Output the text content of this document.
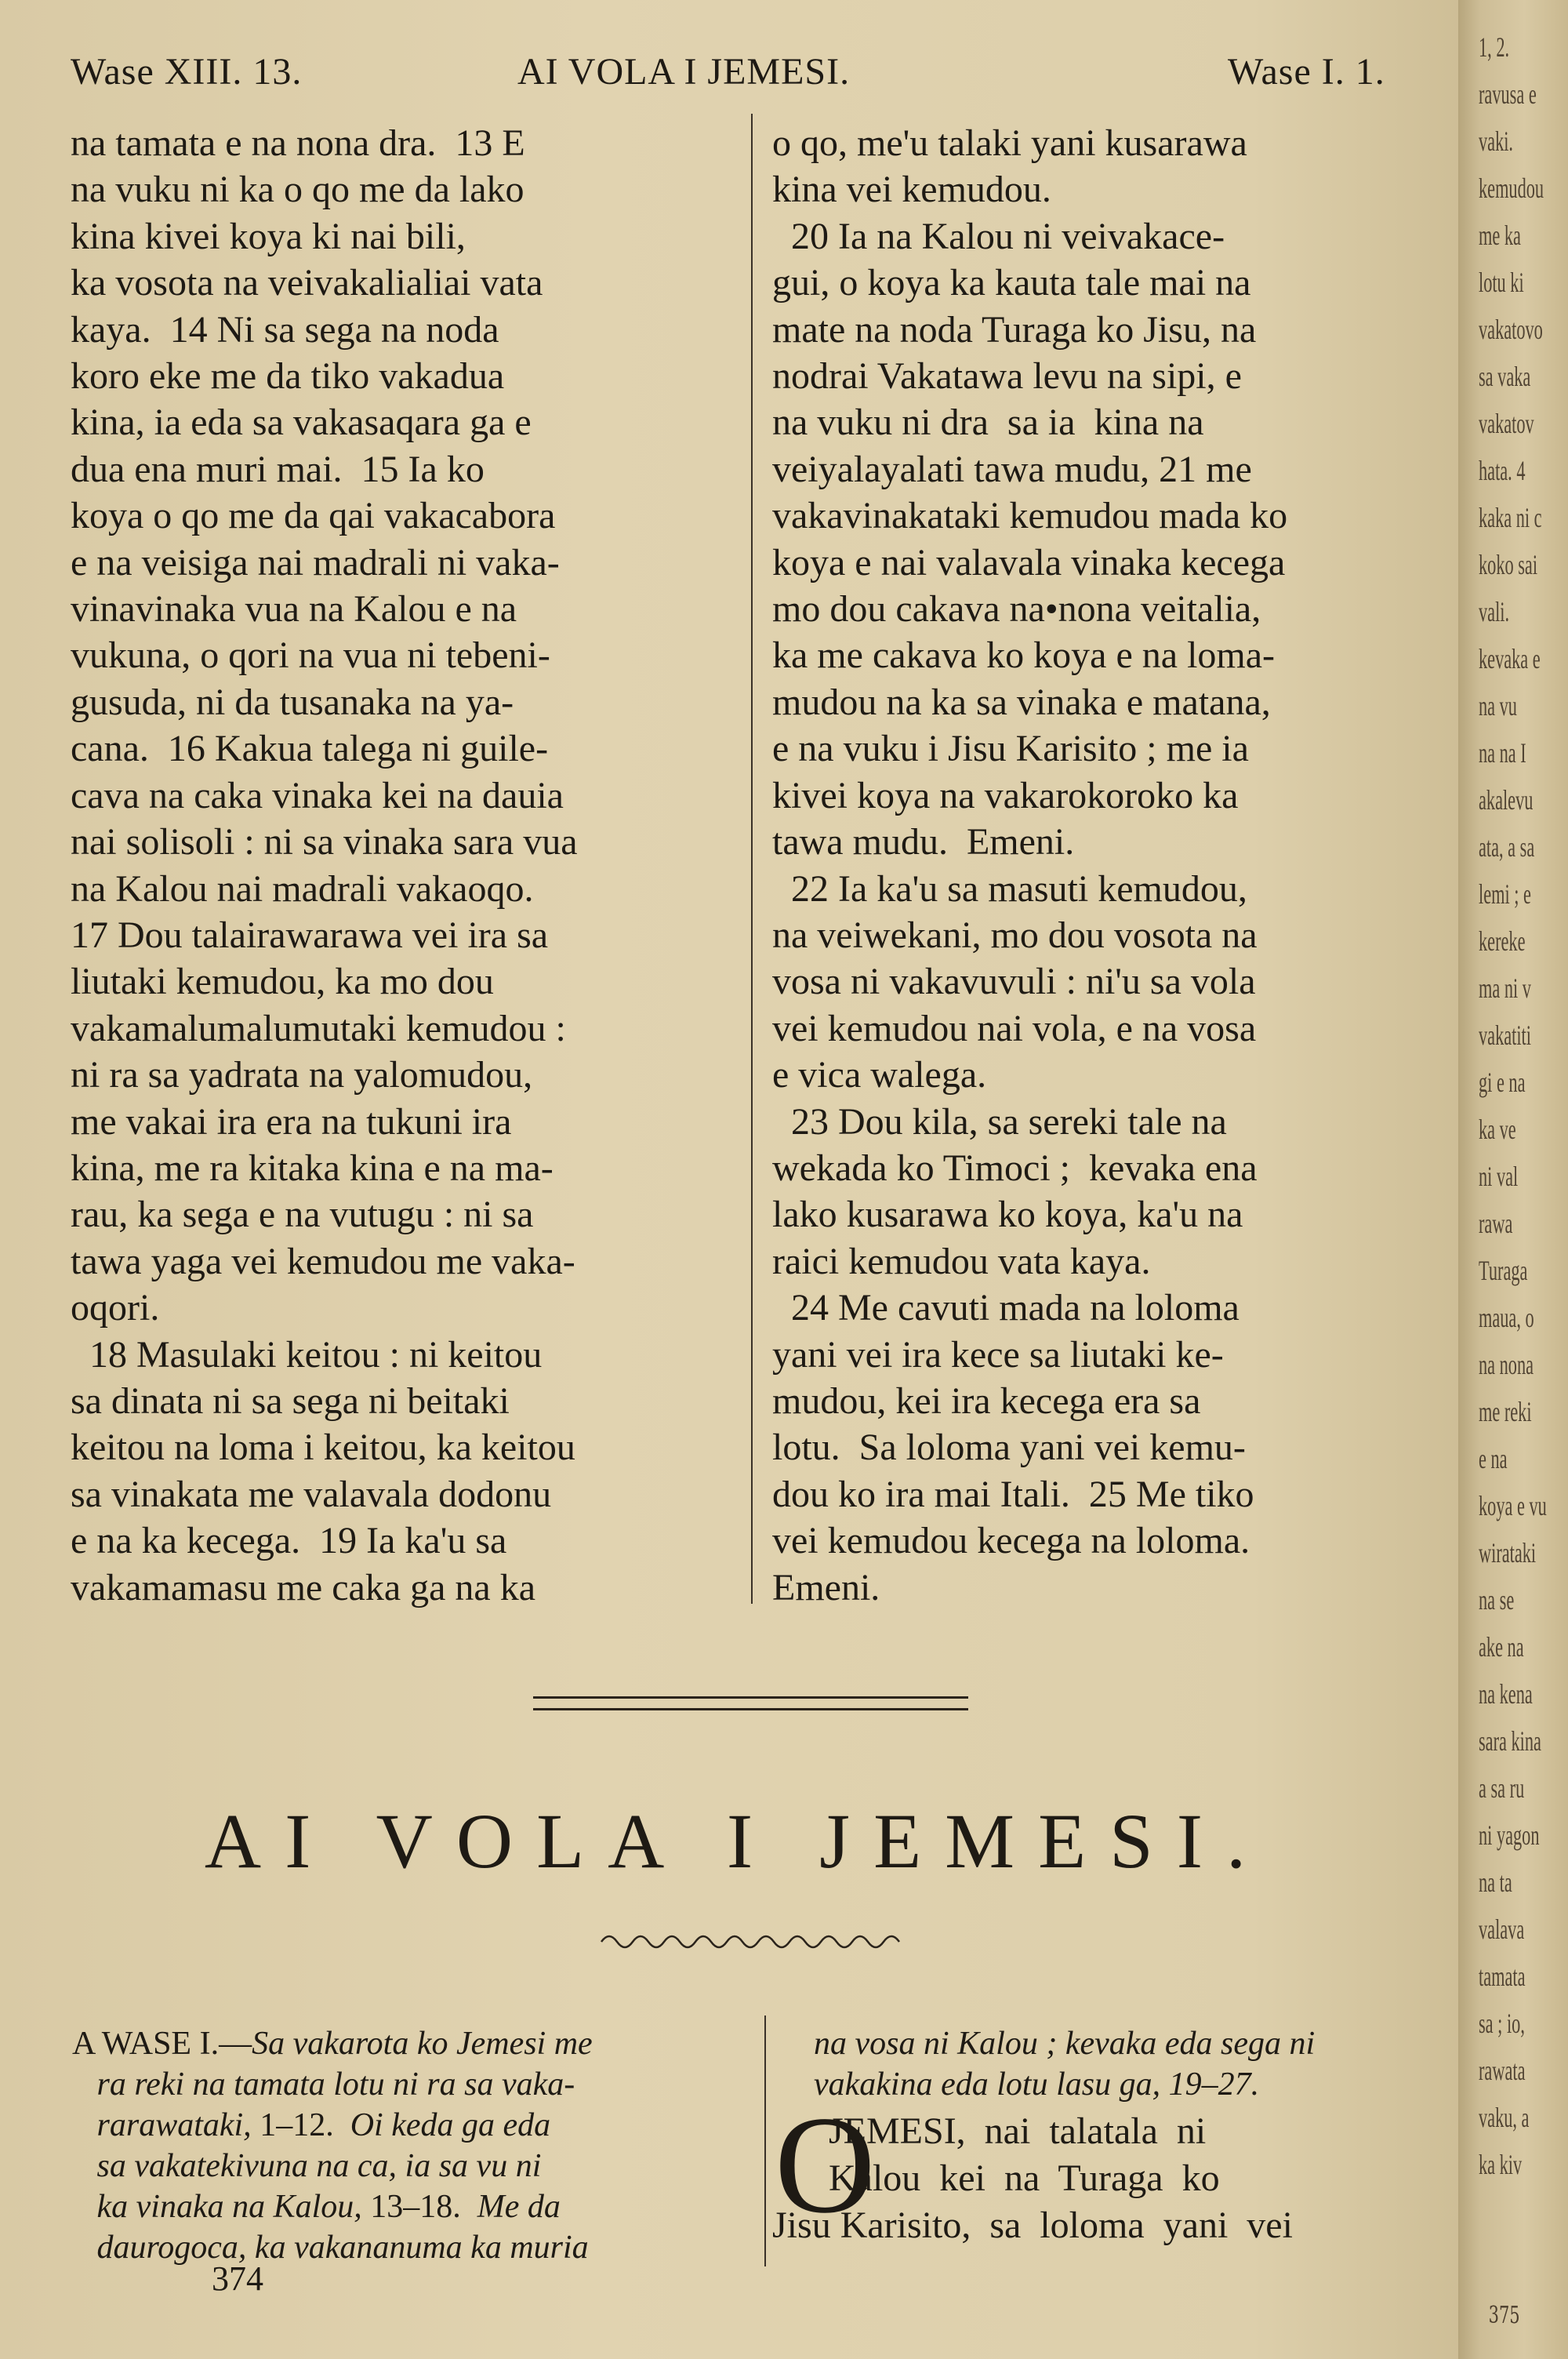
Wase XIII. 13.	AI VOLA I JEMESI.	Wase I. 1.
na tamata e na nona dra.  13 E
na vuku ni ka o qo me da lako
kina kivei koya ki nai bili,
ka vosota na veivakalialiai vata
kaya.  14 Ni sa sega na noda
koro eke me da tiko vakadua
kina, ia eda sa vakasaqara ga e
dua ena muri mai.  15 Ia ko
koya o qo me da qai vakacabora
e na veisiga nai madrali ni vaka-
vinavinaka vua na Kalou e na
vukuna, o qori na vua ni tebeni-
gusuda, ni da tusanaka na ya-
cana.  16 Kakua talega ni guile-
cava na caka vinaka kei na dauia
nai solisoli : ni sa vinaka sara vua
na Kalou nai madrali vakaoqo.
17 Dou talairawarawa vei ira sa
liutaki kemudou, ka mo dou
vakamalumalumutaki kemudou :
ni ra sa yadrata na yalomudou,
me vakai ira era na tukuni ira
kina, me ra kitaka kina e na ma-
rau, ka sega e na vutugu : ni sa
tawa yaga vei kemudou me vaka-
oqori.
18 Masulaki keitou : ni keitou
sa dinata ni sa sega ni beitaki
keitou na loma i keitou, ka keitou
sa vinakata me valavala dodonu
e na ka kecega.  19 Ia ka'u sa
vakamamasu me caka ga na ka
o qo, me'u talaki yani kusarawa
kina vei kemudou.
20 Ia na Kalou ni veivakace-
gui, o koya ka kauta tale mai na
mate na noda Turaga ko Jisu, na
nodrai Vakatawa levu na sipi, e
na vuku ni dra  sa ia  kina na
veiyalayalati tawa mudu, 21 me
vakavinakataki kemudou mada ko
koya e nai valavala vinaka kecega
mo dou cakava na•nona veitalia,
ka me cakava ko koya e na loma-
mudou na ka sa vinaka e matana,
e na vuku i Jisu Karisito ; me ia
kivei koya na vakarokoroko ka
tawa mudu.  Emeni.
22 Ia ka'u sa masuti kemudou,
na veiwekani, mo dou vosota na
vosa ni vakavuvuli : ni'u sa vola
vei kemudou nai vola, e na vosa
e vica walega.
23 Dou kila, sa sereki tale na
wekada ko Timoci ;  kevaka ena
lako kusarawa ko koya, ka'u na
raici kemudou vata kaya.
24 Me cavuti mada na loloma
yani vei ira kece sa liutaki ke-
mudou, kei ira kecega era sa
lotu.  Sa loloma yani vei kemu-
dou ko ira mai Itali.  25 Me tiko
vei kemudou kecega na loloma.
Emeni.
AI VOLA I JEMESI.
A WASE I.—Sa vakarota ko Jemesi me
ra reki na tamata lotu ni ra sa vaka-
rarawataki, 1–12. Oi keda ga eda
sa vakatekivuna na ca, ia sa vu ni
ka vinaka na Kalou, 13–18. Me da
daurogoca, ka vakananuma ka muria
na vosa ni Kalou ; kevaka eda sega ni
vakakina eda lotu lasu ga, 19–27.
O
JEMESI,  nai  talatala  ni
Kalou  kei  na  Turaga  ko
Jisu Karisito,  sa  loloma  yani  vei
374
1, 2.
ravusa e
vaki.
kemudou
me ka
lotu ki
vakatovo
sa vaka
vakatov
hata. 4
kaka ni c
koko sai
vali.
kevaka e
na vu
na na I
akalevu
ata, a sa
lemi ; e
kereke
ma ni v
vakatiti
gi e na
ka ve
ni val
rawa
Turaga
maua, o
na nona
me reki
e na
koya e vu
wirataki
na se
ake na
na kena
sara kina
a sa ru
ni yagon
na ta
valava
tamata
sa ; io,
rawata
vaku, a
ka kiv
375
